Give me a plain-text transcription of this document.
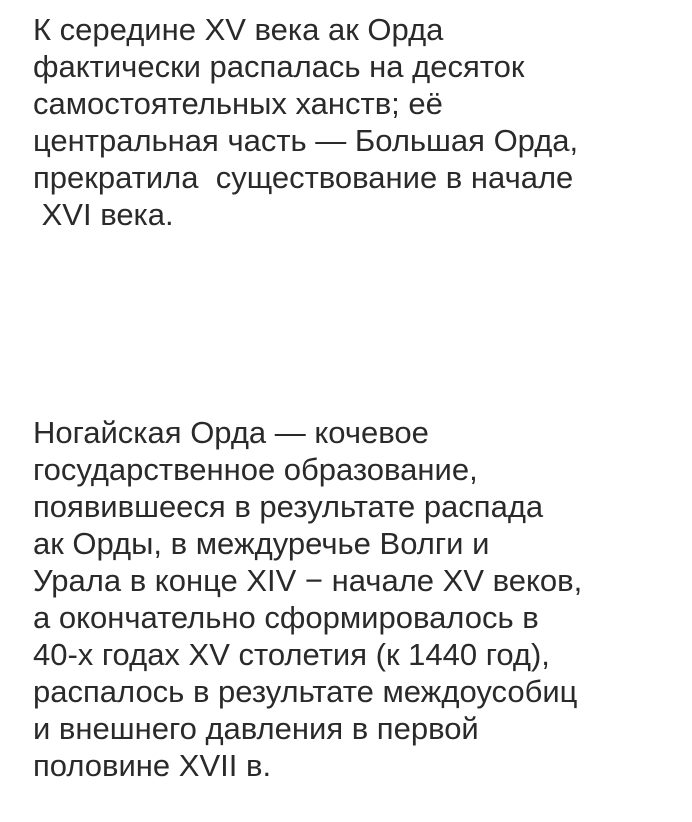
К середине XV века ак Орда
фактически распалась на десяток
самостоятельных ханств; её
центральная часть — Большая Орда,
прекратила  существование в начале
XVI века.

Ногайская Орда — кочевое
государственное образование,
появившееся в результате распада
ак Орды, в междуречье Волги и
Урала в конце XIV − начале XV веков,
а окончательно сформировалось в
40-х годах XV столетия (к 1440 год),
распалось в результате междоусобиц
и внешнего давления в первой
половине XVII в.
